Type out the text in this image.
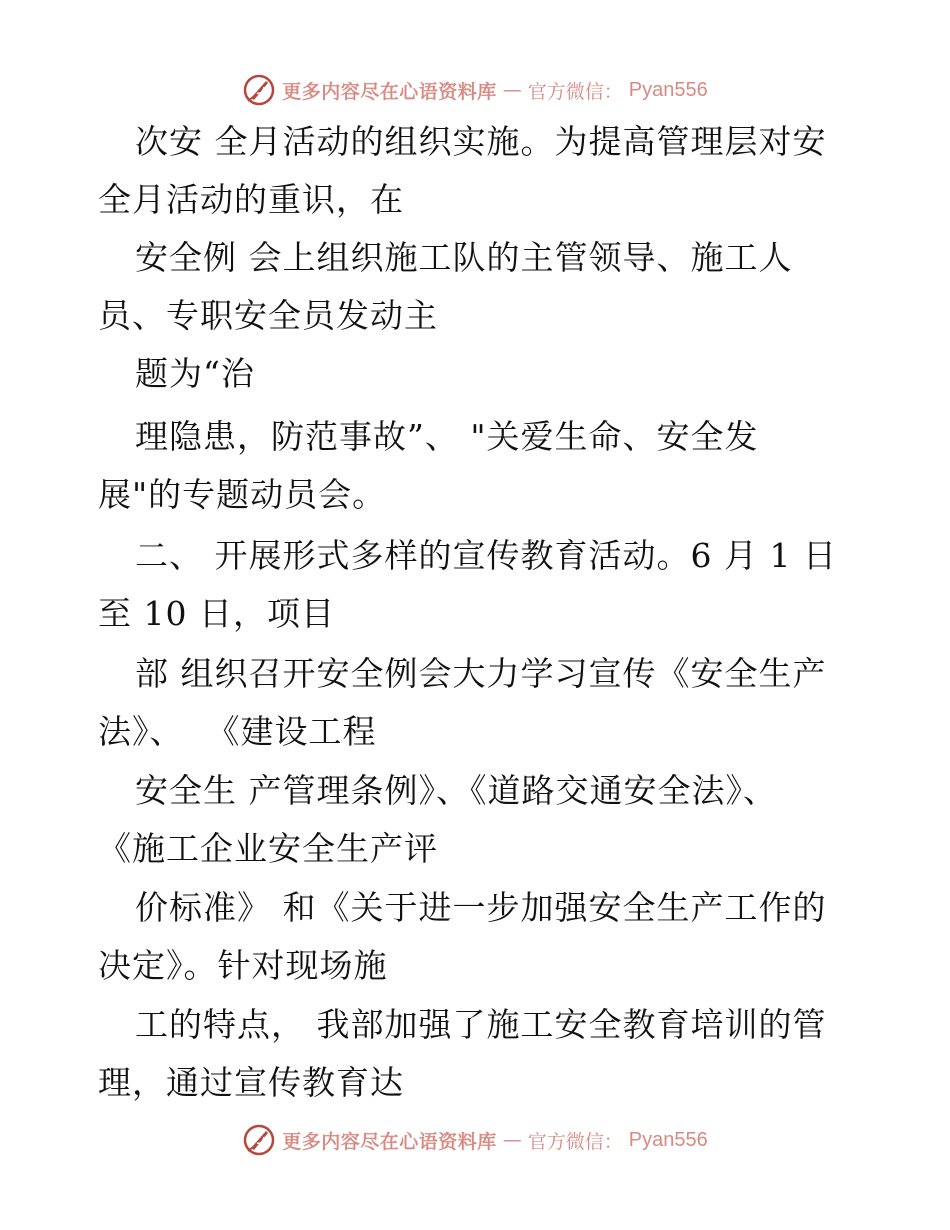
更多内容尽在心语资料库 — 官方微信： Pyan556
次安 全月活动的组织实施。为提高管理层对安
全月活动的重识，在
安全例 会上组织施工队的主管领导、施工人
员、专职安全员发动主
题为“治
理隐患，防范事故”、 "关爱生命、安全发
展"的专题动员会。
二、 开展形式多样的宣传教育活动。6 月 1 日
至 10 日，项目
部 组织召开安全例会大力学习宣传《安全生产
法》、  《建设工程
安全生 产管理条例》、《道路交通安全法》、
《施工企业安全生产评
价标准》 和《关于进一步加强安全生产工作的
决定》。针对现场施
工的特点， 我部加强了施工安全教育培训的管
理，通过宣传教育达
更多内容尽在心语资料库 — 官方微信： Pyan556
